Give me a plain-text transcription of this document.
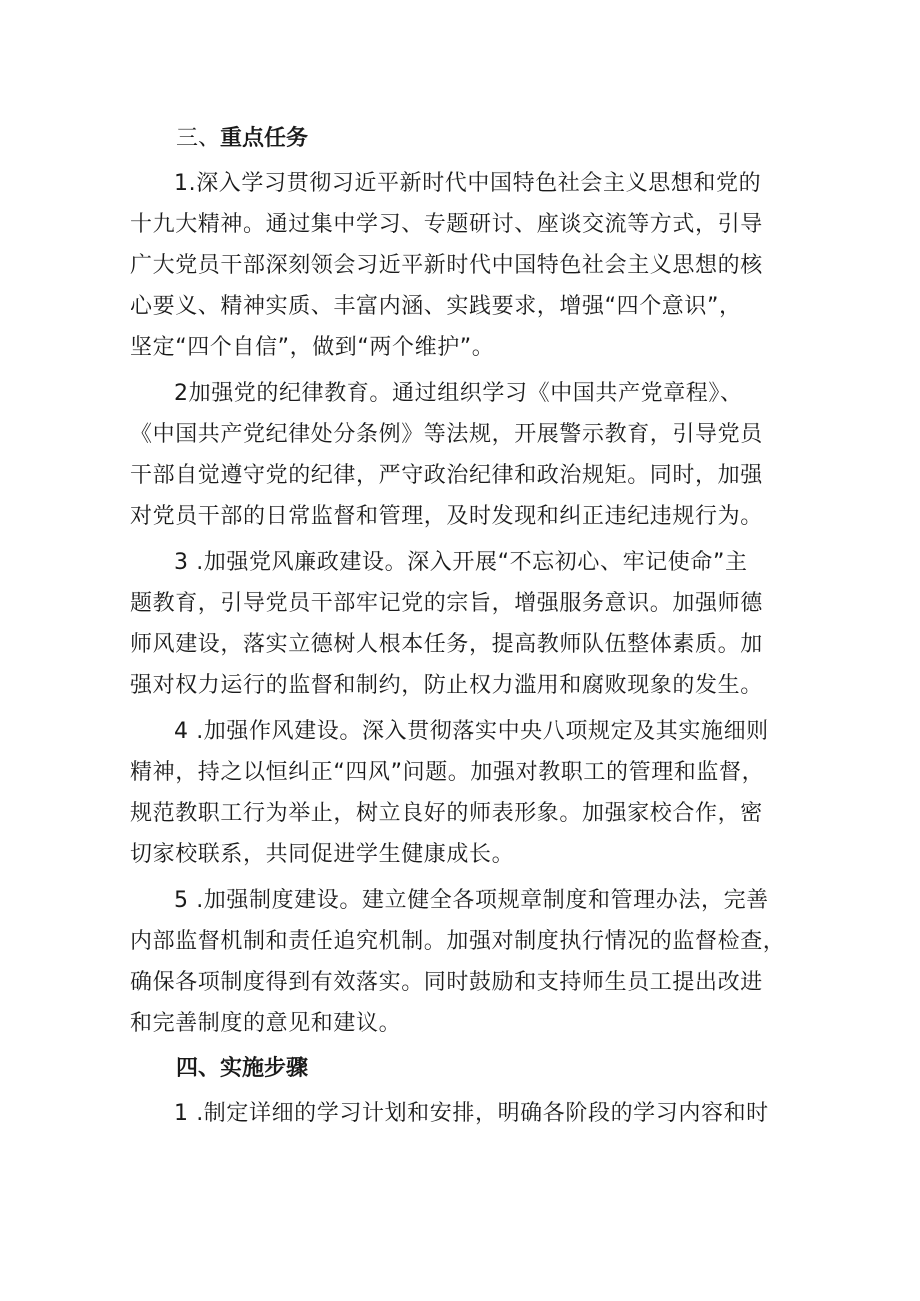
三、重点任务

1.深入学习贯彻习近平新时代中国特色社会主义思想和党的
十九大精神。通过集中学习、专题研讨、座谈交流等方式，引导
广大党员干部深刻领会习近平新时代中国特色社会主义思想的核
心要义、精神实质、丰富内涵、实践要求，增强“四个意识”，
坚定“四个自信”，做到“两个维护”。

2加强党的纪律教育。通过组织学习《中国共产党章程》、
《中国共产党纪律处分条例》等法规，开展警示教育，引导党员
干部自觉遵守党的纪律，严守政治纪律和政治规矩。同时，加强
对党员干部的日常监督和管理，及时发现和纠正违纪违规行为。

3 .加强党风廉政建设。深入开展“不忘初心、牢记使命”主
题教育，引导党员干部牢记党的宗旨，增强服务意识。加强师德
师风建设，落实立德树人根本任务，提高教师队伍整体素质。加
强对权力运行的监督和制约，防止权力滥用和腐败现象的发生。

4 .加强作风建设。深入贯彻落实中央八项规定及其实施细则
精神，持之以恒纠正“四风”问题。加强对教职工的管理和监督，
规范教职工行为举止，树立良好的师表形象。加强家校合作，密
切家校联系，共同促进学生健康成长。

5 .加强制度建设。建立健全各项规章制度和管理办法，完善
内部监督机制和责任追究机制。加强对制度执行情况的监督检查，
确保各项制度得到有效落实。同时鼓励和支持师生员工提出改进
和完善制度的意见和建议。

四、实施步骤

1 .制定详细的学习计划和安排，明确各阶段的学习内容和时
